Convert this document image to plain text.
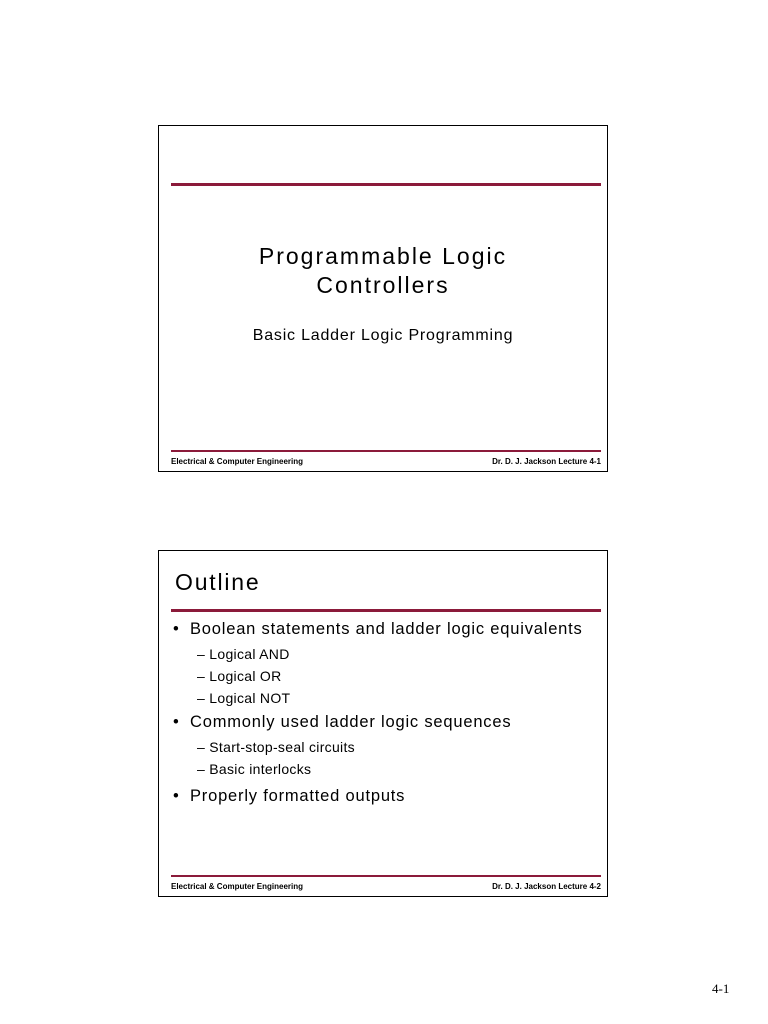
Programmable Logic
Controllers
Basic Ladder Logic Programming
Electrical & Computer Engineering	Dr. D. J. Jackson Lecture 4-1
Outline
• Boolean statements and ladder logic equivalents
– Logical AND
– Logical OR
– Logical NOT
• Commonly used ladder logic sequences
– Start-stop-seal circuits
– Basic interlocks
• Properly formatted outputs
Electrical & Computer Engineering	Dr. D. J. Jackson Lecture 4-2
4-1
